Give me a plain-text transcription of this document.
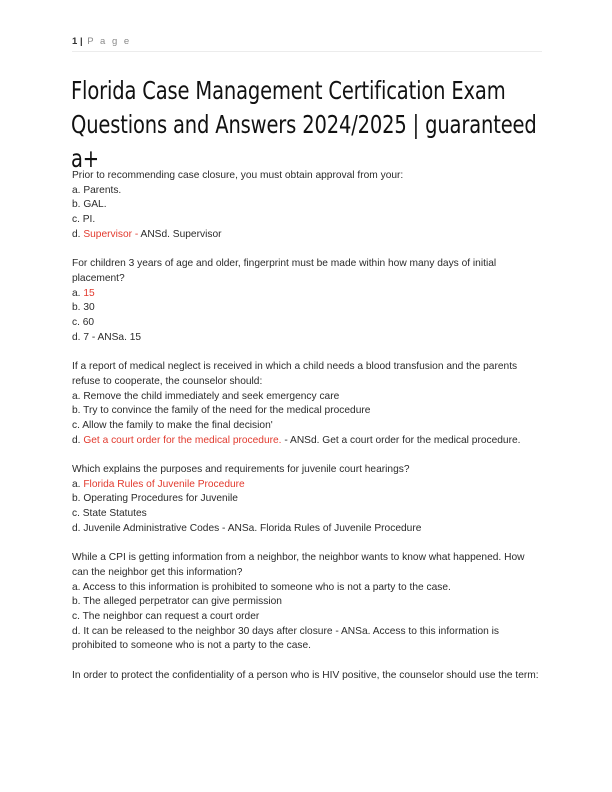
1 | P a g e
Florida Case Management Certification Exam
Questions and Answers 2024/2025 | guaranteed a+
Prior to recommending case closure, you must obtain approval from your:
a. Parents.
b. GAL.
c. PI.
d. Supervisor - ANSd. Supervisor
For children 3 years of age and older, fingerprint must be made within how many days of initial placement?
a. 15
b. 30
c. 60
d. 7 - ANSa. 15
If a report of medical neglect is received in which a child needs a blood transfusion and the parents refuse to cooperate, the counselor should:
a. Remove the child immediately and seek emergency care
b. Try to convince the family of the need for the medical procedure
c. Allow the family to make the final decision'
d. Get a court order for the medical procedure. - ANSd. Get a court order for the medical procedure.
Which explains the purposes and requirements for juvenile court hearings?
a. Florida Rules of Juvenile Procedure
b. Operating Procedures for Juvenile
c. State Statutes
d. Juvenile Administrative Codes - ANSa. Florida Rules of Juvenile Procedure
While a CPI is getting information from a neighbor, the neighbor wants to know what happened. How can the neighbor get this information?
a. Access to this information is prohibited to someone who is not a party to the case.
b. The alleged perpetrator can give permission
c. The neighbor can request a court order
d. It can be released to the neighbor 30 days after closure - ANSa. Access to this information is prohibited to someone who is not a party to the case.
In order to protect the confidentiality of a person who is HIV positive, the counselor should use the term:
